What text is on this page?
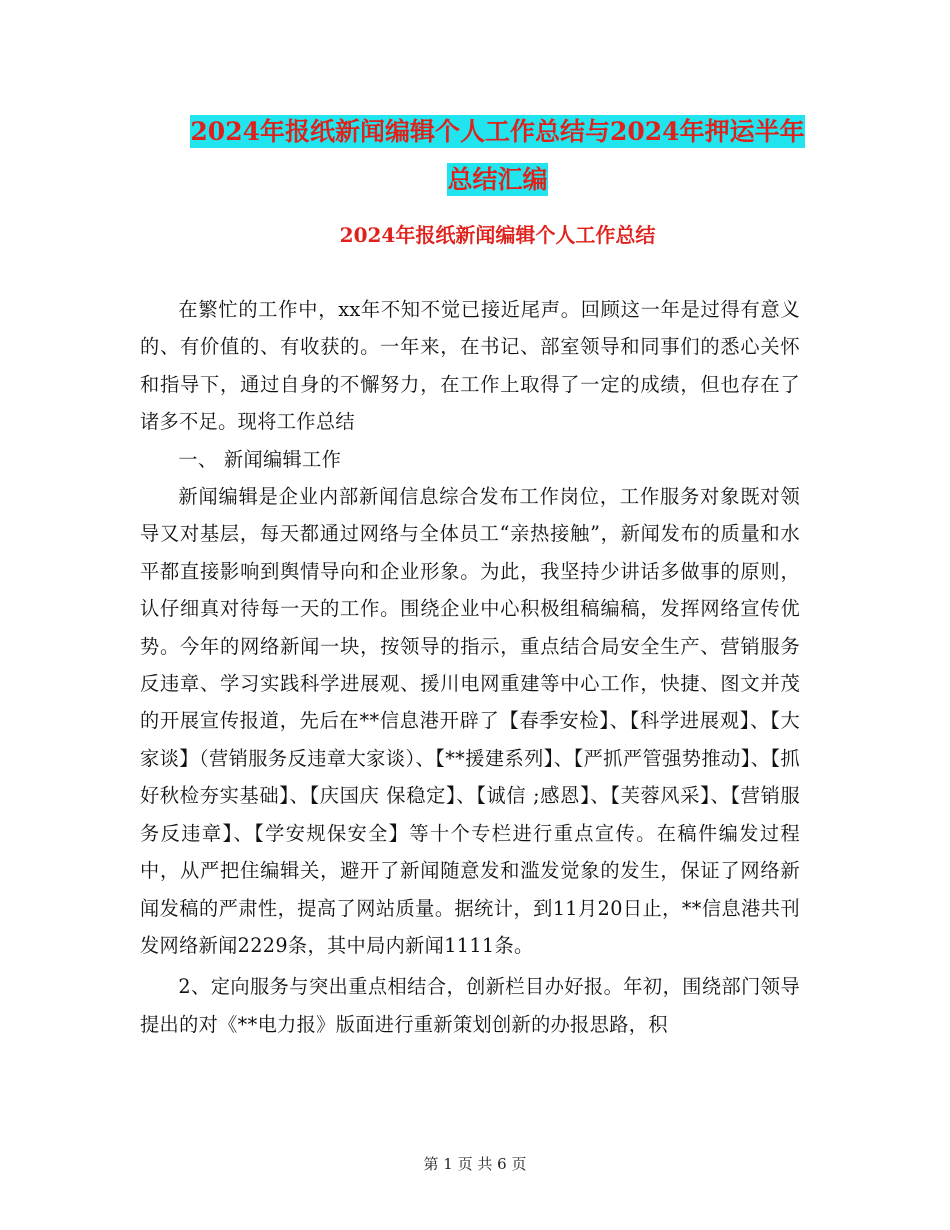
2024年报纸新闻编辑个人工作总结与2024年押运半年
总结汇编
2024年报纸新闻编辑个人工作总结

在繁忙的工作中，xx年不知不觉已接近尾声。回顾这一年是过得有意义的、有价值的、有收获的。一年来，在书记、部室领导和同事们的悉心关怀和指导下，通过自身的不懈努力，在工作上取得了一定的成绩，但也存在了诸多不足。现将工作总结

一、 新闻编辑工作

新闻编辑是企业内部新闻信息综合发布工作岗位，工作服务对象既对领导又对基层，每天都通过网络与全体员工“亲热接触”，新闻发布的质量和水平都直接影响到舆情导向和企业形象。为此，我坚持少讲话多做事的原则，认仔细真对待每一天的工作。围绕企业中心积极组稿编稿，发挥网络宣传优势。今年的网络新闻一块，按领导的指示，重点结合局安全生产、营销服务反违章、学习实践科学进展观、援川电网重建等中心工作，快捷、图文并茂的开展宣传报道，先后在**信息港开辟了【春季安检】、【科学进展观】、【大家谈】（营销服务反违章大家谈）、【**援建系列】、【严抓严管强势推动】、【抓好秋检夯实基础】、【庆国庆 保稳定】、【诚信 ;感恩】、【芙蓉风采】、【营销服务反违章】、【学安规保安全】等十个专栏进行重点宣传。在稿件编发过程中，从严把住编辑关，避开了新闻随意发和滥发觉象的发生，保证了网络新闻发稿的严肃性，提高了网站质量。据统计，到11月20日止，**信息港共刊发网络新闻2229条，其中局内新闻1111条。

2、定向服务与突出重点相结合，创新栏目办好报。年初，围绕部门领导提出的对《**电力报》版面进行重新策划创新的办报思路，积

第 1 页 共 6 页
